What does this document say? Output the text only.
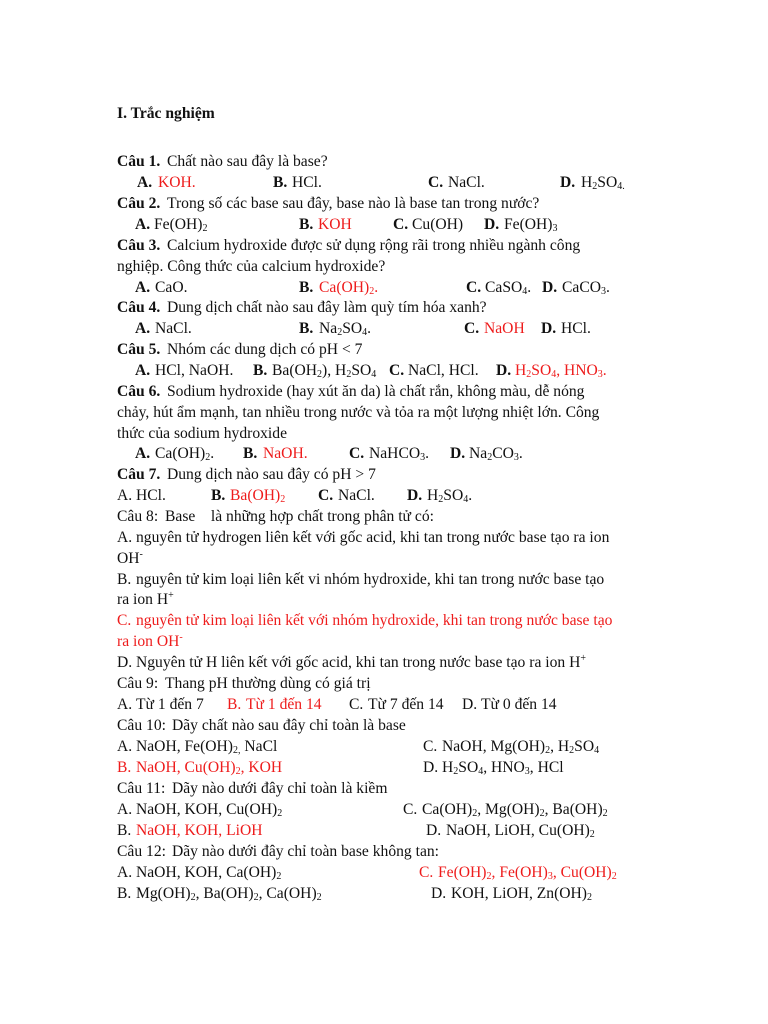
I. Trắc nghiệm
Câu 1. Chất nào sau đây là base?
A. KOH.	B. HCl.	C. NaCl.	D. $H_2SO_{4.}$
Câu 2. Trong số các base sau đây, base nào là base tan trong nước?
A. $Fe(OH)_2$	B. KOH	C. Cu(OH) D. $Fe(OH)_3$
Câu 3. Calcium hydroxide được sử dụng rộng rãi trong nhiều ngành công
nghiệp. Công thức của calcium hydroxide?
A. CaO.	B. $Ca(OH)_2$.	C. CaSO$_4$. D. CaCO$_3$.
Câu 4. Dung dịch chất nào sau đây làm quỳ tím hóa xanh?
A. NaCl.	B. $Na_2SO_4$.	C. NaOH D. HCl.
Câu 5. Nhóm các dung dịch có pH < 7
A. HCl, NaOH. B. $Ba(OH_2)$, $H_2SO_4$ C. NaCl, HCl. D. $H_2SO_4$, $HNO_3$.
Câu 6. Sodium hydroxide (hay xút ăn da) là chất rắn, không màu, dễ nóng
chảy, hút ẩm mạnh, tan nhiều trong nước và tỏa ra một lượng nhiệt lớn. Công
thức của sodium hydroxide
A. $Ca(OH)_2$. B. NaOH.	C. NaHCO$_3$. D. $Na_2CO_3$.
Câu 7. Dung dịch nào sau đây có pH > 7
A. HCl.	B. $Ba(OH)_2$ C. NaCl. D. $H_2SO_4$.
Câu 8: Base    là những hợp chất trong phân tử có:
A. nguyên tử hydrogen liên kết với gốc acid, khi tan trong nước base tạo ra ion
OH-
B. nguyên tử kim loại liên kết vi nhóm hydroxide, khi tan trong nước base tạo
ra ion H+
C. nguyên tử kim loại liên kết với nhóm hydroxide, khi tan trong nước base tạo
ra ion OH-
D. Nguyên tử H liên kết với gốc acid, khi tan trong nước base tạo ra ion H+
Câu 9: Thang pH thường dùng có giá trị
A. Từ 1 đến 7 B. Từ 1 đến 14 C. Từ 7 đến 14 D. Từ 0 đến 14
Câu 10: Dãy chất nào sau đây chỉ toàn là base
A. NaOH, $Fe(OH)_{2,}$ NaCl	C. NaOH, $Mg(OH)_2$, $H_2SO_4$
B. NaOH, $Cu(OH)_2$, KOH	D. $H_2SO_4$, $HNO_3$, HCl
Câu 11: Dãy nào dưới đây chỉ toàn là kiềm
A. NaOH, KOH, $Cu(OH)_2$	C. $Ca(OH)_2$, $Mg(OH)_2$, $Ba(OH)_2$
B. NaOH, KOH, LiOH	D. NaOH, LiOH, $Cu(OH)_2$
Câu 12: Dãy nào dưới đây chỉ toàn base không tan:
A. NaOH, KOH, $Ca(OH)_2$	C. $Fe(OH)_2$, $Fe(OH)_3$, $Cu(OH)_2$
B. $Mg(OH)_2$, $Ba(OH)_2$, $Ca(OH)_2$	D. KOH, LiOH, $Zn(OH)_2$
